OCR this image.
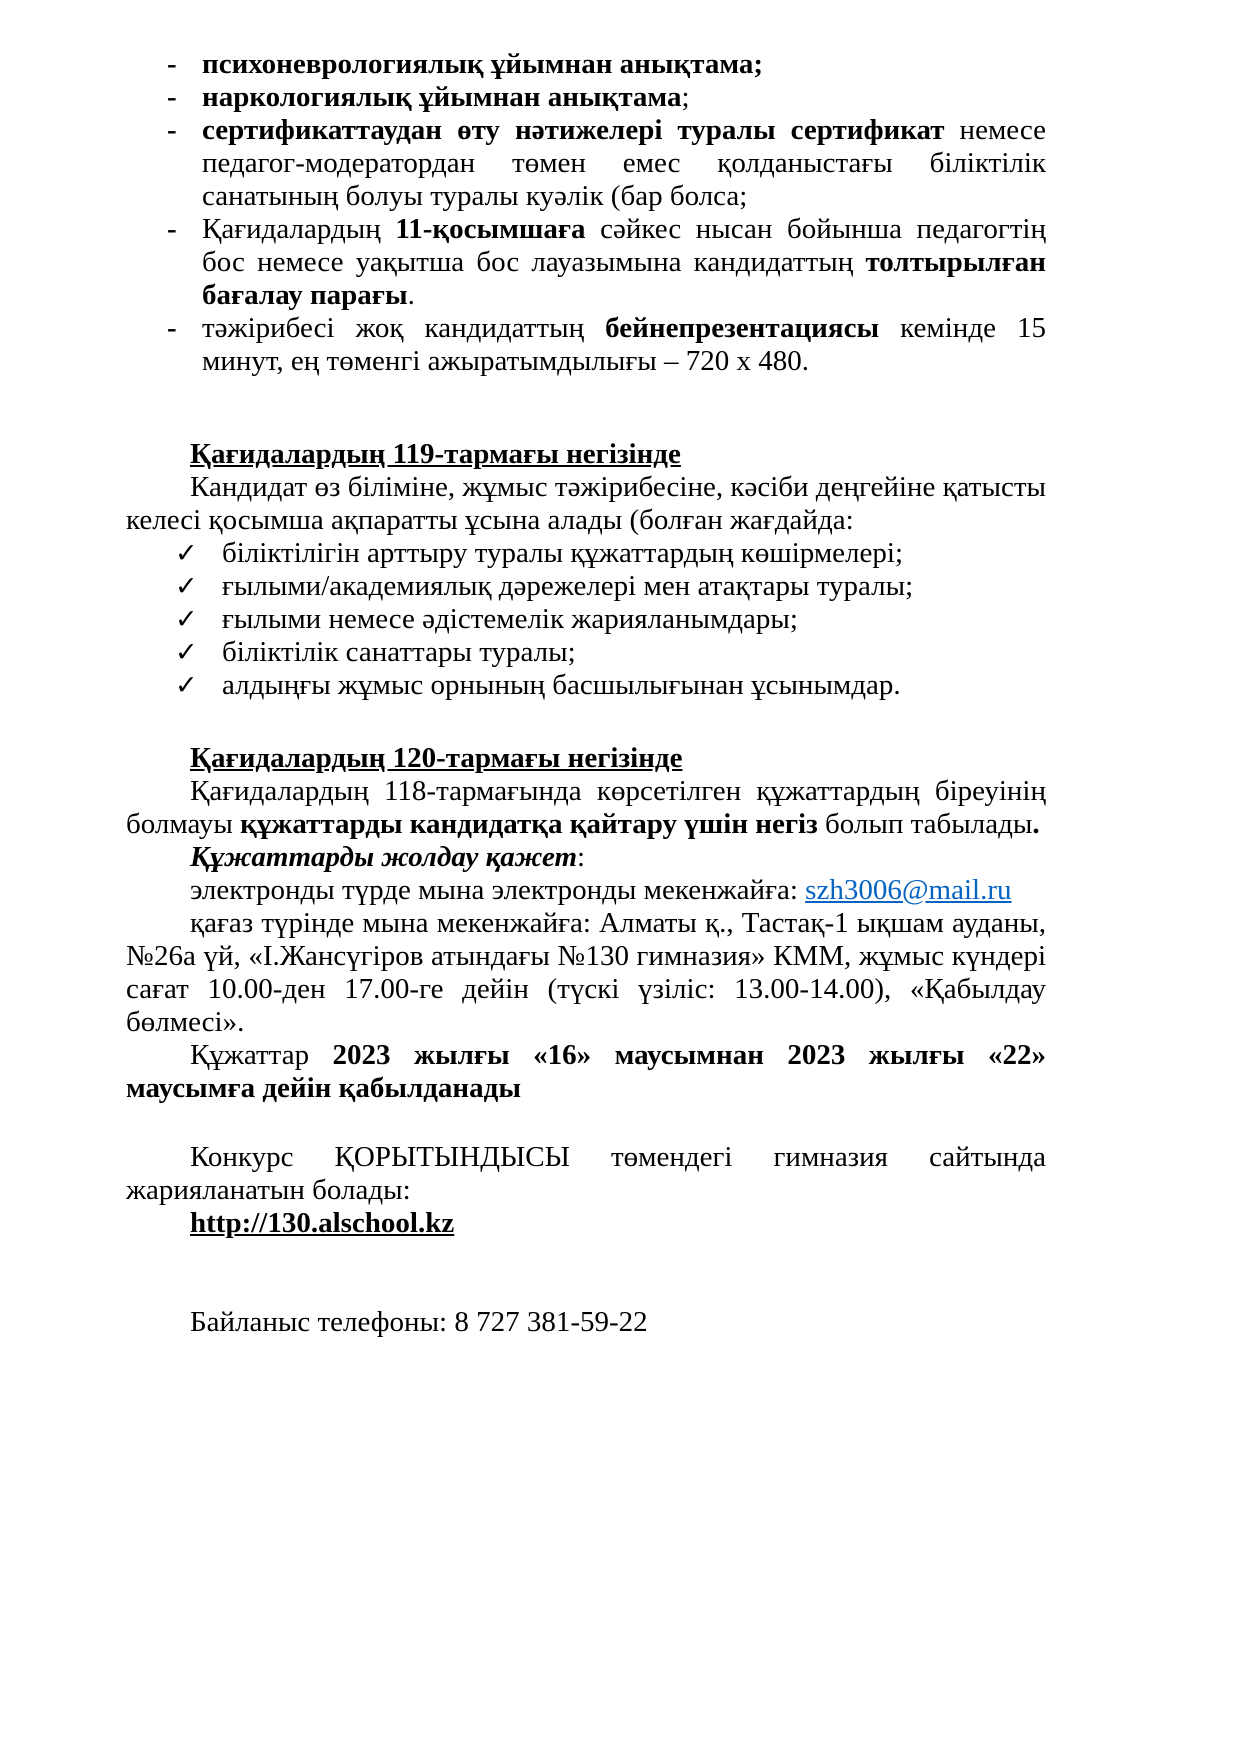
- психоневрологиялық ұйымнан анықтама;
- наркологиялық ұйымнан анықтама;
- сертификаттаудан өту нәтижелері туралы сертификат немесе педагог-модератордан төмен емес қолданыстағы біліктілік санатының болуы туралы куәлік (бар болса;
- Қағидалардың 11-қосымшаға сәйкес нысан бойынша педагогтің бос немесе уақытша бос лауазымына кандидаттың толтырылған бағалау парағы.
- тәжірибесі жоқ кандидаттың бейнепрезентациясы кемінде 15 минут, ең төменгі ажыратымдылығы – 720 x 480.
Қағидалардың 119-тармағы негізінде
Кандидат өз біліміне, жұмыс тәжірибесіне, кәсіби деңгейіне қатысты келесі қосымша ақпаратты ұсына алады (болған жағдайда:
✓ біліктілігін арттыру туралы құжаттардың көшірмелері;
✓ ғылыми/академиялық дәрежелері мен атақтары туралы;
✓ ғылыми немесе әдістемелік жарияланымдары;
✓ біліктілік санаттары туралы;
✓ алдыңғы жұмыс орнының басшылығынан ұсынымдар.
Қағидалардың 120-тармағы негізінде
Қағидалардың 118-тармағында көрсетілген құжаттардың біреуінің болмауы құжаттарды кандидатқа қайтару үшін негіз болып табылады.
Құжаттарды жолдау қажет:
электронды түрде мына электронды мекенжайға: szh3006@mail.ru
қағаз түрінде мына мекенжайға: Алматы қ., Тастақ-1 ықшам ауданы, №26а үй, «І.Жансүгіров атындағы №130 гимназия» КММ, жұмыс күндері сағат 10.00-ден 17.00-ге дейін (түскі үзіліс: 13.00-14.00), «Қабылдау бөлмесі».
Құжаттар 2023 жылғы «16» маусымнан 2023 жылғы «22» маусымға дейін қабылданады
Конкурс ҚОРЫТЫНДЫСЫ төмендегі гимназия сайтында жарияланатын болады:
http://130.alschool.kz
Байланыс телефоны: 8 727 381-59-22
